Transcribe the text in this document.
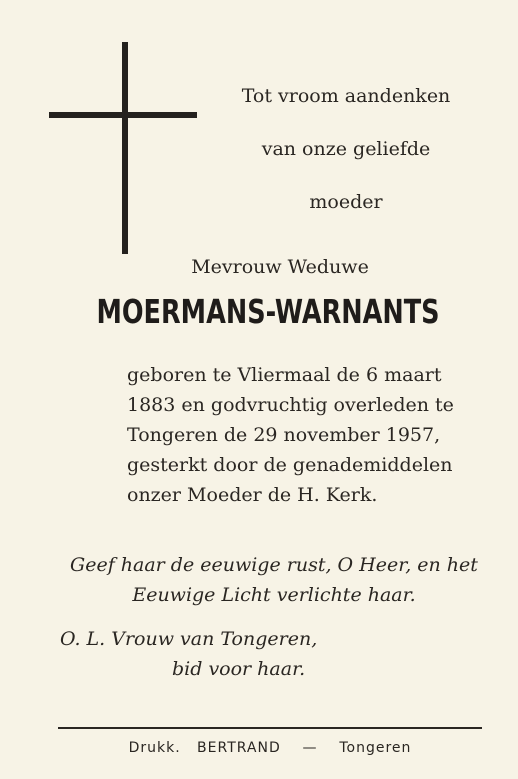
Tot vroom aandenken
van onze geliefde
moeder
Mevrouw Weduwe
MOERMANS-WARNANTS
geboren te Vliermaal de 6 maart
1883 en godvruchtig overleden te
Tongeren de 29 november 1957,
gesterkt door de genademiddelen
onzer Moeder de H. Kerk.
Geef haar de eeuwige rust, O Heer, en het
Eeuwige Licht verlichte haar.
O. L. Vrouw van Tongeren,
bid voor haar.
Drukk. BERTRAND — Tongeren
